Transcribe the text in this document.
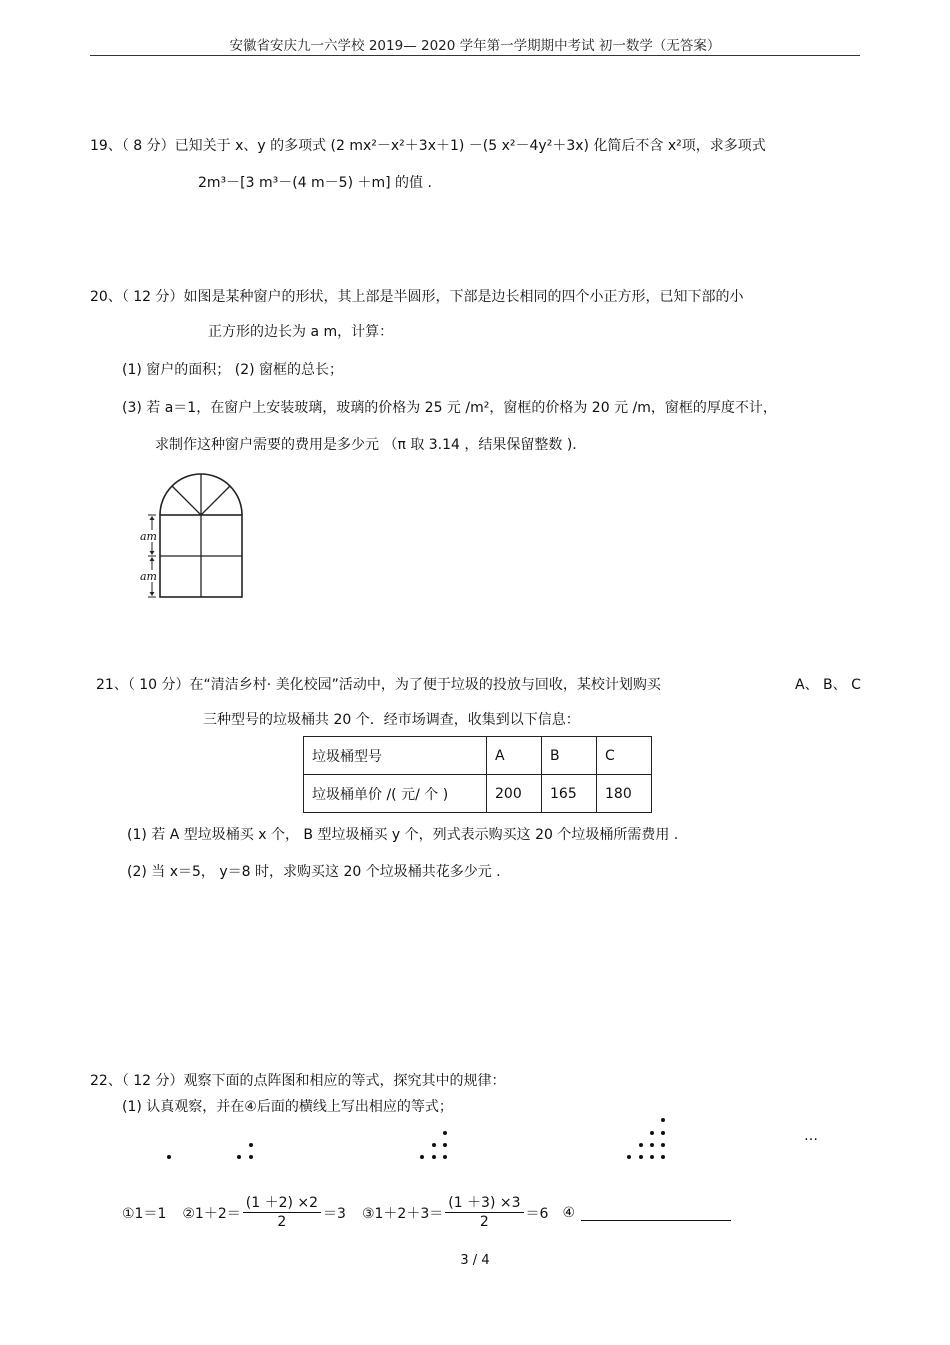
安徽省安庆九一六学校 2019— 2020 学年第一学期期中考试 初一数学（无答案）
19、（ 8 分）已知关于 x、y 的多项式 (2 mx²－x²＋3x＋1) －(5 x²－4y²＋3x) 化简后不含 x²项，求多项式
2m³－[3 m³－(4 m－5) ＋m] 的值 .
20、（ 12 分）如图是某种窗户的形状，其上部是半圆形，下部是边长相同的四个小正方形，已知下部的小
正方形的边长为 a m，计算：
(1) 窗户的面积； (2) 窗框的总长；
(3) 若 a＝1，在窗户上安装玻璃，玻璃的价格为 25 元 /m²，窗框的价格为 20 元 /m，窗框的厚度不计，
求制作这种窗户需要的费用是多少元 （π 取 3.14 ，结果保留整数 ).
am
am
21、（ 10 分）在“清洁乡村· 美化校园”活动中，为了便于垃圾的投放与回收，某校计划购买	A、 B、 C
三种型号的垃圾桶共 20 个．经市场调查，收集到以下信息：
垃圾桶型号	A	B	C
垃圾桶单价 /( 元/ 个 )	200	165	180
(1) 若 A 型垃圾桶买 x 个， B 型垃圾桶买 y 个，列式表示购买这 20 个垃圾桶所需费用 .
(2) 当 x＝5， y＝8 时，求购买这 20 个垃圾桶共花多少元 .
22、（ 12 分）观察下面的点阵图和相应的等式，探究其中的规律：
(1) 认真观察，并在④后面的横线上写出相应的等式；
…
①1＝1 ②1＋2＝ $\frac{(1 +2) \times 2}{2} =3$ ③1＋2＋3＝ $\frac{(1 +3) \times 3}{2} =6$ ④
3 / 4
